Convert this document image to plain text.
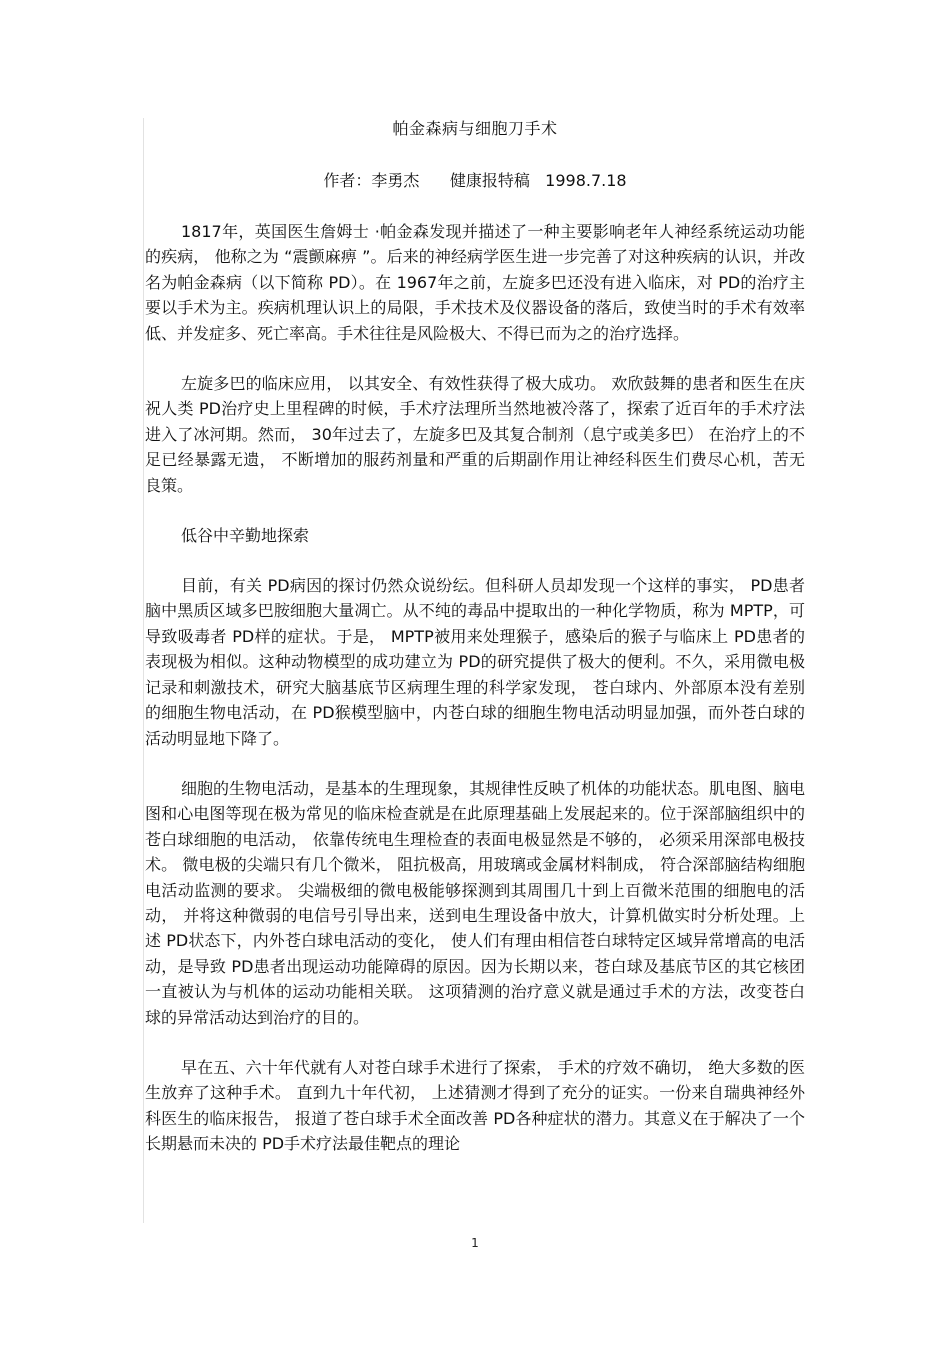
帕金森病与细胞刀手术
作者：李勇杰      健康报特稿   1998.7.18

1817年，英国医生詹姆士 ·帕金森发现并描述了一种主要影响老年人神经系统运动功能的疾病， 他称之为 “震颤麻痹 ”。后来的神经病学医生进一步完善了对这种疾病的认识，并改名为帕金森病（以下简称 PD）。在 1967年之前，左旋多巴还没有进入临床，对 PD的治疗主要以手术为主。疾病机理认识上的局限，手术技术及仪器设备的落后，致使当时的手术有效率低、并发症多、死亡率高。手术往往是风险极大、不得已而为之的治疗选择。

左旋多巴的临床应用， 以其安全、有效性获得了极大成功。 欢欣鼓舞的患者和医生在庆祝人类 PD治疗史上里程碑的时候，手术疗法理所当然地被冷落了，探索了近百年的手术疗法进入了冰河期。然而， 30年过去了，左旋多巴及其复合制剂（息宁或美多巴） 在治疗上的不足已经暴露无遗， 不断增加的服药剂量和严重的后期副作用让神经科医生们费尽心机，苦无良策。

低谷中辛勤地探索

目前，有关 PD病因的探讨仍然众说纷纭。但科研人员却发现一个这样的事实， PD患者脑中黑质区域多巴胺细胞大量凋亡。从不纯的毒品中提取出的一种化学物质，称为 MPTP，可导致吸毒者 PD样的症状。于是， MPTP被用来处理猴子，感染后的猴子与临床上 PD患者的表现极为相似。这种动物模型的成功建立为 PD的研究提供了极大的便利。不久，采用微电极记录和刺激技术，研究大脑基底节区病理生理的科学家发现， 苍白球内、外部原本没有差别的细胞生物电活动，在 PD猴模型脑中，内苍白球的细胞生物电活动明显加强，而外苍白球的活动明显地下降了。

细胞的生物电活动，是基本的生理现象，其规律性反映了机体的功能状态。肌电图、脑电图和心电图等现在极为常见的临床检查就是在此原理基础上发展起来的。位于深部脑组织中的苍白球细胞的电活动， 依靠传统电生理检查的表面电极显然是不够的， 必须采用深部电极技术。 微电极的尖端只有几个微米， 阻抗极高，用玻璃或金属材料制成， 符合深部脑结构细胞电活动监测的要求。 尖端极细的微电极能够探测到其周围几十到上百微米范围的细胞电的活动， 并将这种微弱的电信号引导出来，送到电生理设备中放大，计算机做实时分析处理。上述 PD状态下，内外苍白球电活动的变化， 使人们有理由相信苍白球特定区域异常增高的电活动，是导致 PD患者出现运动功能障碍的原因。因为长期以来，苍白球及基底节区的其它核团一直被认为与机体的运动功能相关联。 这项猜测的治疗意义就是通过手术的方法，改变苍白球的异常活动达到治疗的目的。

早在五、六十年代就有人对苍白球手术进行了探索， 手术的疗效不确切， 绝大多数的医生放弃了这种手术。 直到九十年代初， 上述猜测才得到了充分的证实。一份来自瑞典神经外科医生的临床报告， 报道了苍白球手术全面改善 PD各种症状的潜力。其意义在于解决了一个长期悬而未决的 PD手术疗法最佳靶点的理论

1
